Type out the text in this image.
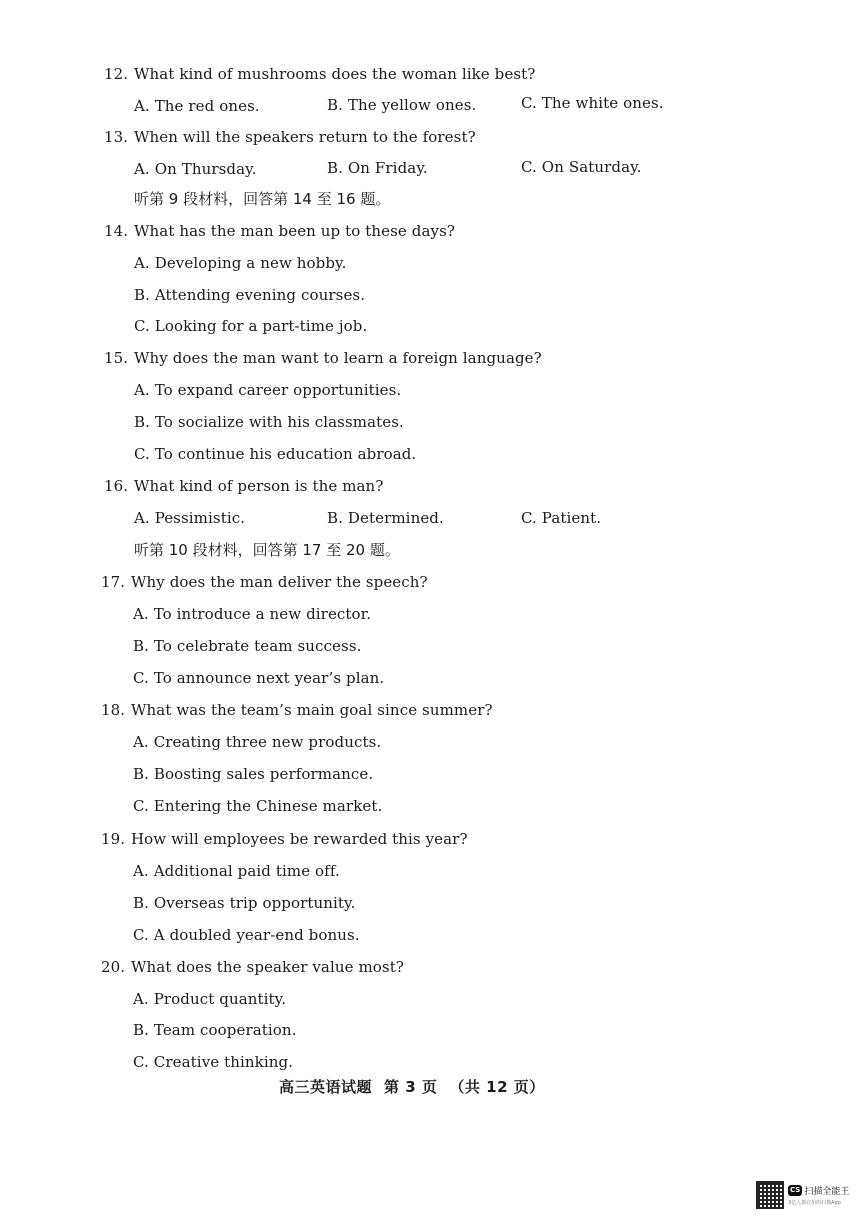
12. What kind of mushrooms does the woman like best?
A. The red ones.	B. The yellow ones.	C. The white ones.
13. When will the speakers return to the forest?
A. On Thursday.	B. On Friday.	C. On Saturday.
听第 9 段材料，回答第 14 至 16 题。
14. What has the man been up to these days?
A. Developing a new hobby.
B. Attending evening courses.
C. Looking for a part-time job.
15. Why does the man want to learn a foreign language?
A. To expand career opportunities.
B. To socialize with his classmates.
C. To continue his education abroad.
16. What kind of person is the man?
A. Pessimistic.	B. Determined.	C. Patient.
听第 10 段材料，回答第 17 至 20 题。
17. Why does the man deliver the speech?
A. To introduce a new director.
B. To celebrate team success.
C. To announce next year’s plan.
18. What was the team’s main goal since summer?
A. Creating three new products.
B. Boosting sales performance.
C. Entering the Chinese market.
19. How will employees be rewarded this year?
A. Additional paid time off.
B. Overseas trip opportunity.
C. A doubled year-end bonus.
20. What does the speaker value most?
A. Product quantity.
B. Team cooperation.
C. Creative thinking.
高三英语试题 第 3 页 （共 12 页）
CS 扫描全能王
3亿人都在用的扫描App
